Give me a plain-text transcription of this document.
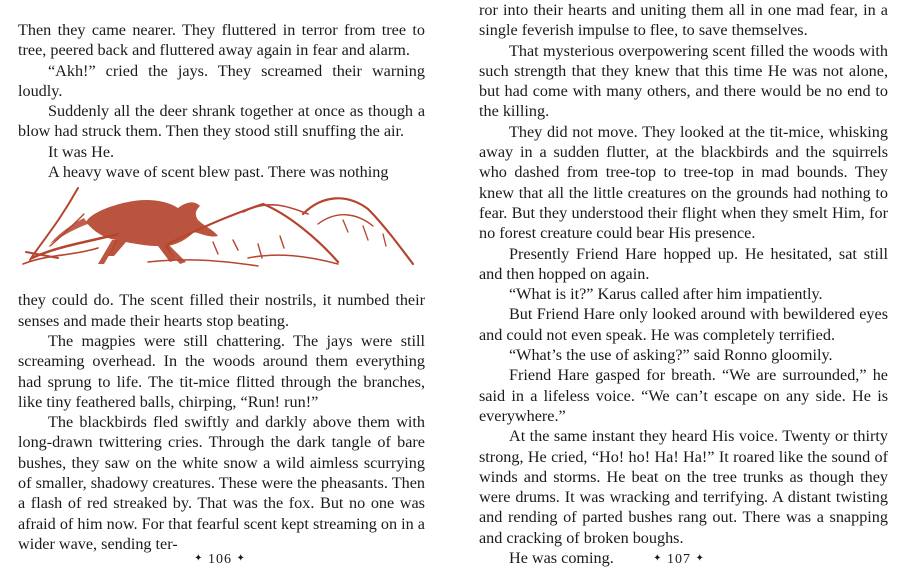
Then they came nearer. They fluttered in terror from tree to tree, peered back and fluttered away again in fear and alarm.

“Akh!” cried the jays. They screamed their warning loudly.

Suddenly all the deer shrank together at once as though a blow had struck them. Then they stood still snuffing the air.

It was He.

A heavy wave of scent blew past. There was nothing

they could do. The scent filled their nostrils, it numbed their senses and made their hearts stop beating.

The magpies were still chattering. The jays were still screaming overhead. In the woods around them everything had sprung to life. The tit-mice flitted through the branches, like tiny feathered balls, chirping, “Run! run!”

The blackbirds fled swiftly and darkly above them with long-drawn twittering cries. Through the dark tangle of bare bushes, they saw on the white snow a wild aimless scurrying of smaller, shadowy creatures. These were the pheasants. Then a flash of red streaked by. That was the fox. But no one was afraid of him now. For that fearful scent kept streaming on in a wider wave, sending ter-

✦ 106 ✦

ror into their hearts and uniting them all in one mad fear, in a single feverish impulse to flee, to save themselves.

That mysterious overpowering scent filled the woods with such strength that they knew that this time He was not alone, but had come with many others, and there would be no end to the killing.

They did not move. They looked at the tit-mice, whisking away in a sudden flutter, at the blackbirds and the squirrels who dashed from tree-top to tree-top in mad bounds. They knew that all the little creatures on the grounds had nothing to fear. But they understood their flight when they smelt Him, for no forest creature could bear His presence.

Presently Friend Hare hopped up. He hesitated, sat still and then hopped on again.

“What is it?” Karus called after him impatiently.

But Friend Hare only looked around with bewildered eyes and could not even speak. He was completely terrified.

“What’s the use of asking?” said Ronno gloomily.

Friend Hare gasped for breath. “We are surrounded,” he said in a lifeless voice. “We can’t escape on any side. He is everywhere.”

At the same instant they heard His voice. Twenty or thirty strong, He cried, “Ho! ho! Ha! Ha!” It roared like the sound of winds and storms. He beat on the tree trunks as though they were drums. It was wracking and terrifying. A distant twisting and rending of parted bushes rang out. There was a snapping and cracking of broken boughs.

He was coming.	✦ 107 ✦
